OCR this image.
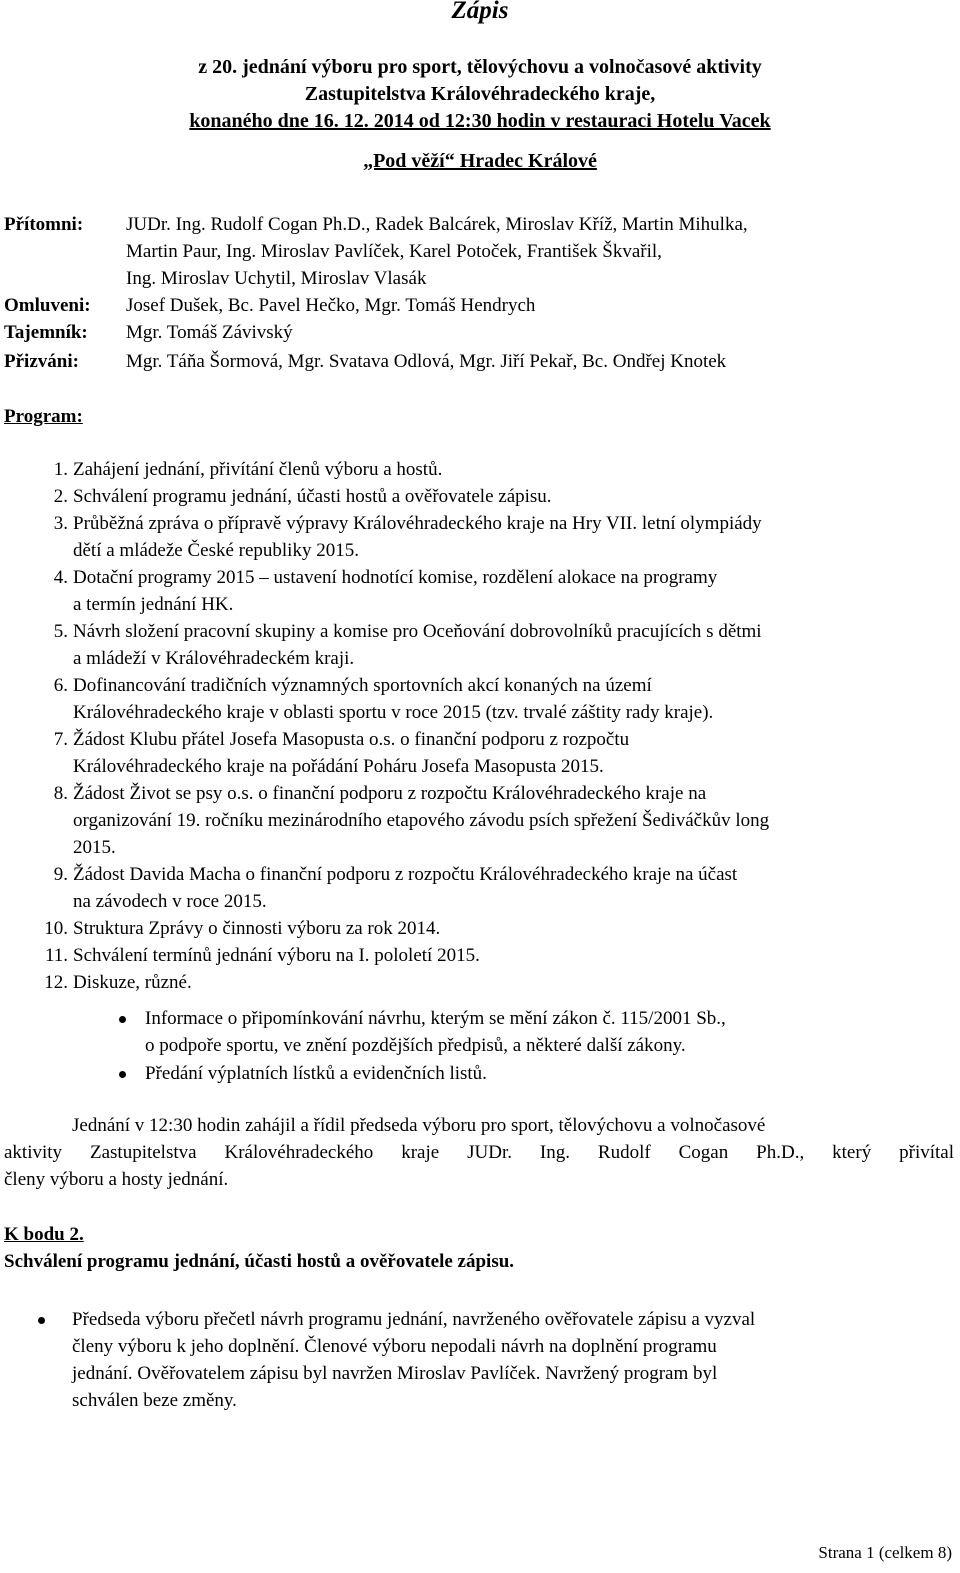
Zápis
z 20. jednání výboru pro sport, tělovýchovu a volnočasové aktivity
Zastupitelstva Královéhradeckého kraje,
konaného dne 16. 12. 2014 od 12:30 hodin v restauraci Hotelu Vacek
„Pod věží“ Hradec Králové
Přítomni: JUDr. Ing. Rudolf Cogan Ph.D., Radek Balcárek, Miroslav Kříž, Martin Mihulka,
Martin Paur, Ing. Miroslav Pavlíček, Karel Potoček, František Škvařil,
Ing. Miroslav Uchytil, Miroslav Vlasák
Omluveni: Josef Dušek, Bc. Pavel Hečko, Mgr. Tomáš Hendrych
Tajemník: Mgr. Tomáš Závivský
Přizváni: Mgr. Táňa Šormová, Mgr. Svatava Odlová, Mgr. Jiří Pekař, Bc. Ondřej Knotek
Program:
1. Zahájení jednání, přivítání členů výboru a hostů.
2. Schválení programu jednání, účasti hostů a ověřovatele zápisu.
3. Průběžná zpráva o přípravě výpravy Královéhradeckého kraje na Hry VII. letní olympiády
dětí a mládeže České republiky 2015.
4. Dotační programy 2015 – ustavení hodnotící komise, rozdělení alokace na programy
a termín jednání HK.
5. Návrh složení pracovní skupiny a komise pro Oceňování dobrovolníků pracujících s dětmi
a mládeží v Královéhradeckém kraji.
6. Dofinancování tradičních významných sportovních akcí konaných na území
Královéhradeckého kraje v oblasti sportu v roce 2015 (tzv. trvalé záštity rady kraje).
7. Žádost Klubu přátel Josefa Masopusta o.s. o finanční podporu z rozpočtu
Královéhradeckého kraje na pořádání Poháru Josefa Masopusta 2015.
8. Žádost Život se psy o.s. o finanční podporu z rozpočtu Královéhradeckého kraje na
organizování 19. ročníku mezinárodního etapového závodu psích spřežení Šediváčkův long
2015.
9. Žádost Davida Macha o finanční podporu z rozpočtu Královéhradeckého kraje na účast
na závodech v roce 2015.
10. Struktura Zprávy o činnosti výboru za rok 2014.
11. Schválení termínů jednání výboru na I. pololetí 2015.
12. Diskuze, různé.
Informace o připomínkování návrhu, kterým se mění zákon č. 115/2001 Sb.,
o podpoře sportu, ve znění pozdějších předpisů, a některé další zákony.
Předání výplatních lístků a evidenčních listů.
Jednání v 12:30 hodin zahájil a řídil předseda výboru pro sport, tělovýchovu a volnočasové
aktivity Zastupitelstva Královéhradeckého kraje JUDr. Ing. Rudolf Cogan Ph.D., který přivítal
členy výboru a hosty jednání.
K bodu 2.
Schválení programu jednání, účasti hostů a ověřovatele zápisu.
Předseda výboru přečetl návrh programu jednání, navrženého ověřovatele zápisu a vyzval
členy výboru k jeho doplnění. Členové výboru nepodali návrh na doplnění programu
jednání. Ověřovatelem zápisu byl navržen Miroslav Pavlíček. Navržený program byl
schválen beze změny.
Strana 1 (celkem 8)
